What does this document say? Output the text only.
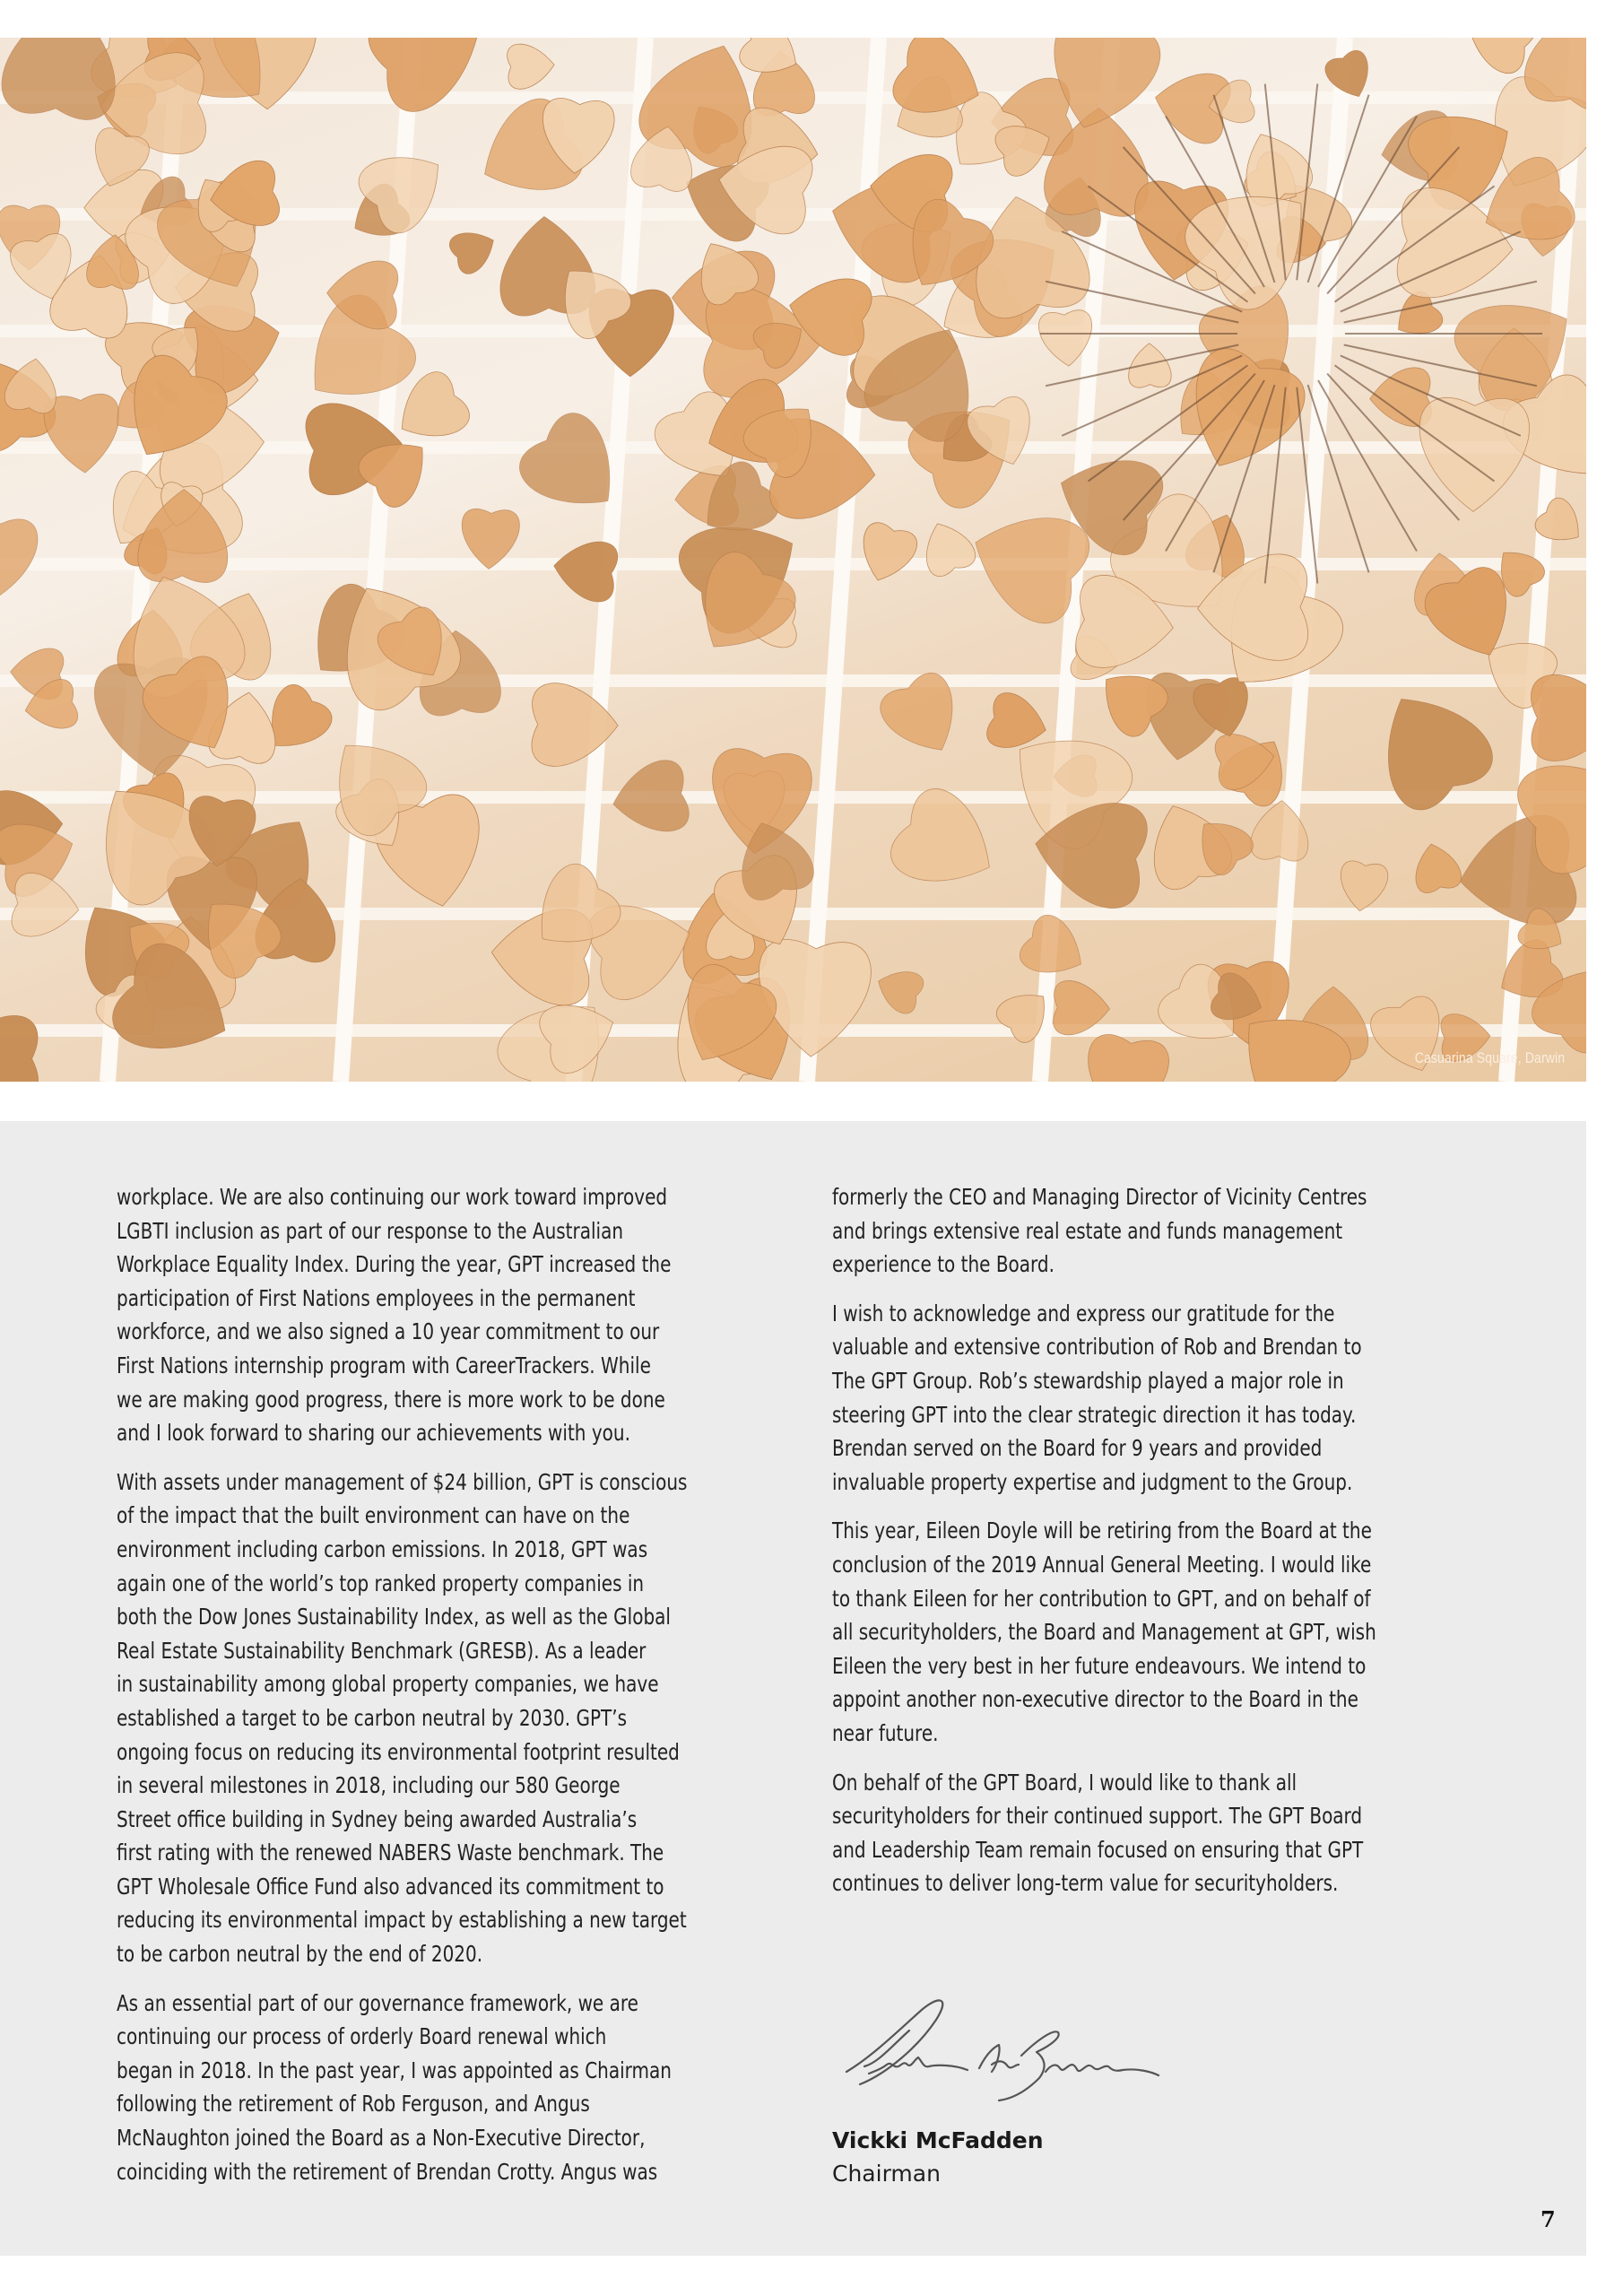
Casuarina Square, Darwin
workplace. We are also continuing our work toward improved
LGBTI inclusion as part of our response to the Australian
Workplace Equality Index. During the year, GPT increased the
participation of First Nations employees in the permanent
workforce, and we also signed a 10 year commitment to our
First Nations internship program with CareerTrackers. While
we are making good progress, there is more work to be done
and I look forward to sharing our achievements with you.
With assets under management of $24 billion, GPT is conscious
of the impact that the built environment can have on the
environment including carbon emissions. In 2018, GPT was
again one of the world’s top ranked property companies in
both the Dow Jones Sustainability Index, as well as the Global
Real Estate Sustainability Benchmark (GRESB). As a leader
in sustainability among global property companies, we have
established a target to be carbon neutral by 2030. GPT’s
ongoing focus on reducing its environmental footprint resulted
in several milestones in 2018, including our 580 George
Street office building in Sydney being awarded Australia’s
first rating with the renewed NABERS Waste benchmark. The
GPT Wholesale Office Fund also advanced its commitment to
reducing its environmental impact by establishing a new target
to be carbon neutral by the end of 2020.
As an essential part of our governance framework, we are
continuing our process of orderly Board renewal which
began in 2018. In the past year, I was appointed as Chairman
following the retirement of Rob Ferguson, and Angus
McNaughton joined the Board as a Non-Executive Director,
coinciding with the retirement of Brendan Crotty. Angus was
formerly the CEO and Managing Director of Vicinity Centres
and brings extensive real estate and funds management
experience to the Board.
I wish to acknowledge and express our gratitude for the
valuable and extensive contribution of Rob and Brendan to
The GPT Group. Rob’s stewardship played a major role in
steering GPT into the clear strategic direction it has today.
Brendan served on the Board for 9 years and provided
invaluable property expertise and judgment to the Group.
This year, Eileen Doyle will be retiring from the Board at the
conclusion of the 2019 Annual General Meeting. I would like
to thank Eileen for her contribution to GPT, and on behalf of
all securityholders, the Board and Management at GPT, wish
Eileen the very best in her future endeavours. We intend to
appoint another non-executive director to the Board in the
near future.
On behalf of the GPT Board, I would like to thank all
securityholders for their continued support. The GPT Board
and Leadership Team remain focused on ensuring that GPT
continues to deliver long-term value for securityholders.
Vickki McFadden
Chairman
7
